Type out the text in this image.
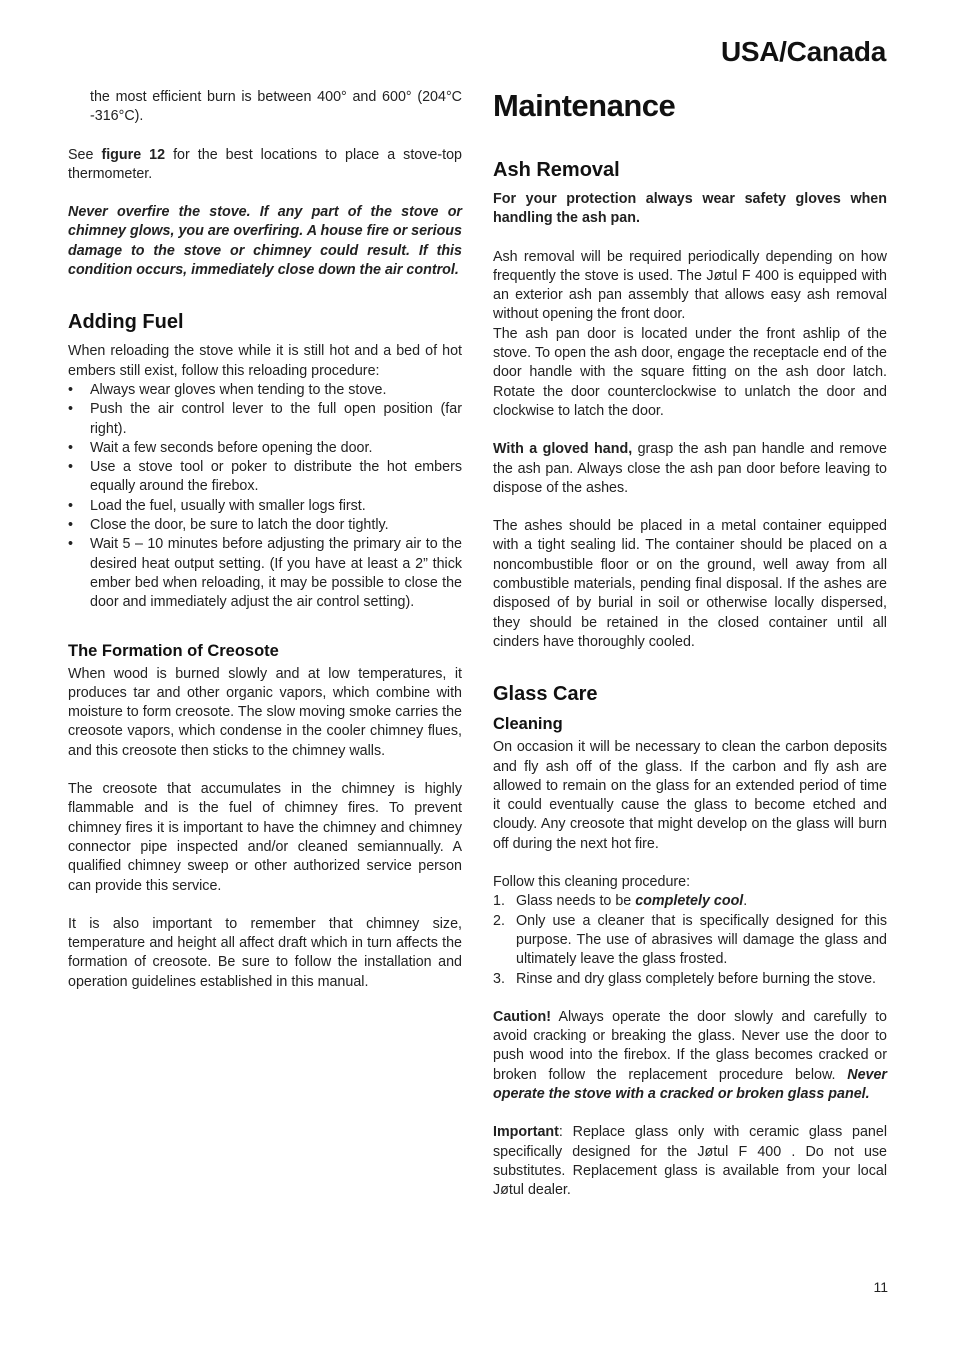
USA/Canada

the most efficient burn is between 400° and 600° (204°C -316°C).

See figure 12 for the best locations to place a stove-top thermometer.

Never overfire the stove. If any part of the stove or chimney glows, you are overfiring. A house fire or serious damage to the stove or chimney could result. If this condition occurs, immediately close down the air control.

Adding Fuel

When reloading the stove while it is still hot and a bed of hot embers still exist, follow this reloading procedure:

• Always wear gloves when tending to the stove.
• Push the air control lever to the full open position (far right).
• Wait a few seconds before opening the door.
• Use a stove tool or poker to distribute the hot embers equally around the firebox.
• Load the fuel, usually with smaller logs first.
• Close the door, be sure to latch the door tightly.
• Wait 5 – 10 minutes before adjusting the primary air to the desired heat output setting. (If you have at least a 2” thick ember bed when reloading, it may be possible to close the door and immediately adjust the air control setting).
The Formation of Creosote

When wood is burned slowly and at low temperatures, it produces tar and other organic vapors, which combine with moisture to form creosote. The slow moving smoke carries the creosote vapors, which condense in the cooler chimney flues, and this creosote then sticks to the chimney walls.

The creosote that accumulates in the chimney is highly flammable and is the fuel of chimney fires. To prevent chimney fires it is important to have the chimney and chimney connector pipe inspected and/or cleaned semiannually. A qualified chimney sweep or other authorized service person can provide this service.

It is also important to remember that chimney size, temperature and height all affect draft which in turn affects the formation of creosote. Be sure to follow the installation and operation guidelines established in this manual.

Maintenance
Ash Removal

For your protection always wear safety gloves when handling the ash pan.

Ash removal will be required periodically depending on how frequently the stove is used. The Jøtul F 400 is equipped with an exterior ash pan assembly that allows easy ash removal without opening the front door.

The ash pan door is located under the front ashlip of the stove. To open the ash door, engage the receptacle end of the door handle with the square fitting on the ash door latch. Rotate the door counterclockwise to unlatch the door and clockwise to latch the door.

With a gloved hand, grasp the ash pan handle and remove the ash pan. Always close the ash pan door before leaving to dispose of the ashes.

The ashes should be placed in a metal container equipped with a tight sealing lid. The container should be placed on a noncombustible floor or on the ground, well away from all combustible materials, pending final disposal. If the ashes are disposed of by burial in soil or otherwise locally dispersed, they should be retained in the closed container until all cinders have thoroughly cooled.

Glass Care
Cleaning

On occasion it will be necessary to clean the carbon deposits and fly ash off of the glass. If the carbon and fly ash are allowed to remain on the glass for an extended period of time it could eventually cause the glass to become etched and cloudy. Any creosote that might develop on the glass will burn off during the next hot fire.

Follow this cleaning procedure:

1. Glass needs to be completely cool.
2. Only use a cleaner that is specifically designed for this purpose. The use of abrasives will damage the glass and ultimately leave the glass frosted.
3. Rinse and dry glass completely before burning the stove.

Caution! Always operate the door slowly and carefully to avoid cracking or breaking the glass. Never use the door to push wood into the firebox. If the glass becomes cracked or broken follow the replacement procedure below. Never operate the stove with a cracked or broken glass panel.

Important: Replace glass only with ceramic glass panel specifically designed for the Jøtul F 400 . Do not use substitutes. Replacement glass is available from your local Jøtul dealer.

11
